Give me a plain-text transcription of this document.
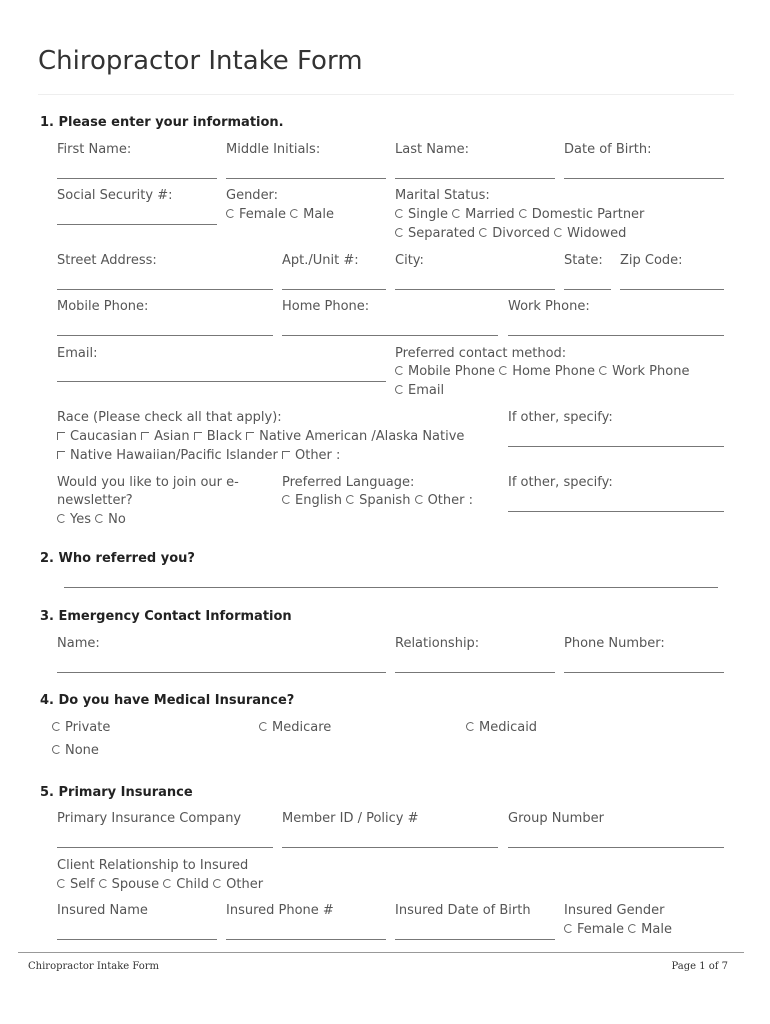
Chiropractor Intake Form
1. Please enter your information.
First Name:	Middle Initials:	Last Name:	Date of Birth:
Social Security #:	Gender:
Female Male
Marital Status:
Single Married Domestic Partner
Separated Divorced Widowed
Street Address:	Apt./Unit #:	City:	State: Zip Code:
Mobile Phone:	Home Phone:	Work Phone:
Email:	Preferred contact method:
Mobile Phone Home Phone Work Phone
Email
Race (Please check all that apply):
Caucasian Asian Black Native American /Alaska Native
Native Hawaiian/Pacific Islander Other :
If other, specify:
Would you like to join our e-
newsletter?
Yes No
Preferred Language:
English Spanish Other :
If other, specify:
2. Who referred you?
3. Emergency Contact Information
Name:	Relationship:	Phone Number:
4. Do you have Medical Insurance?
Private	Medicare	Medicaid
None
5. Primary Insurance
Primary Insurance Company	Member ID / Policy #	Group Number
Client Relationship to Insured
Self Spouse Child Other
Insured Name	Insured Phone #	Insured Date of Birth	Insured Gender
Female Male
Chiropractor Intake Form	Page 1 of 7
